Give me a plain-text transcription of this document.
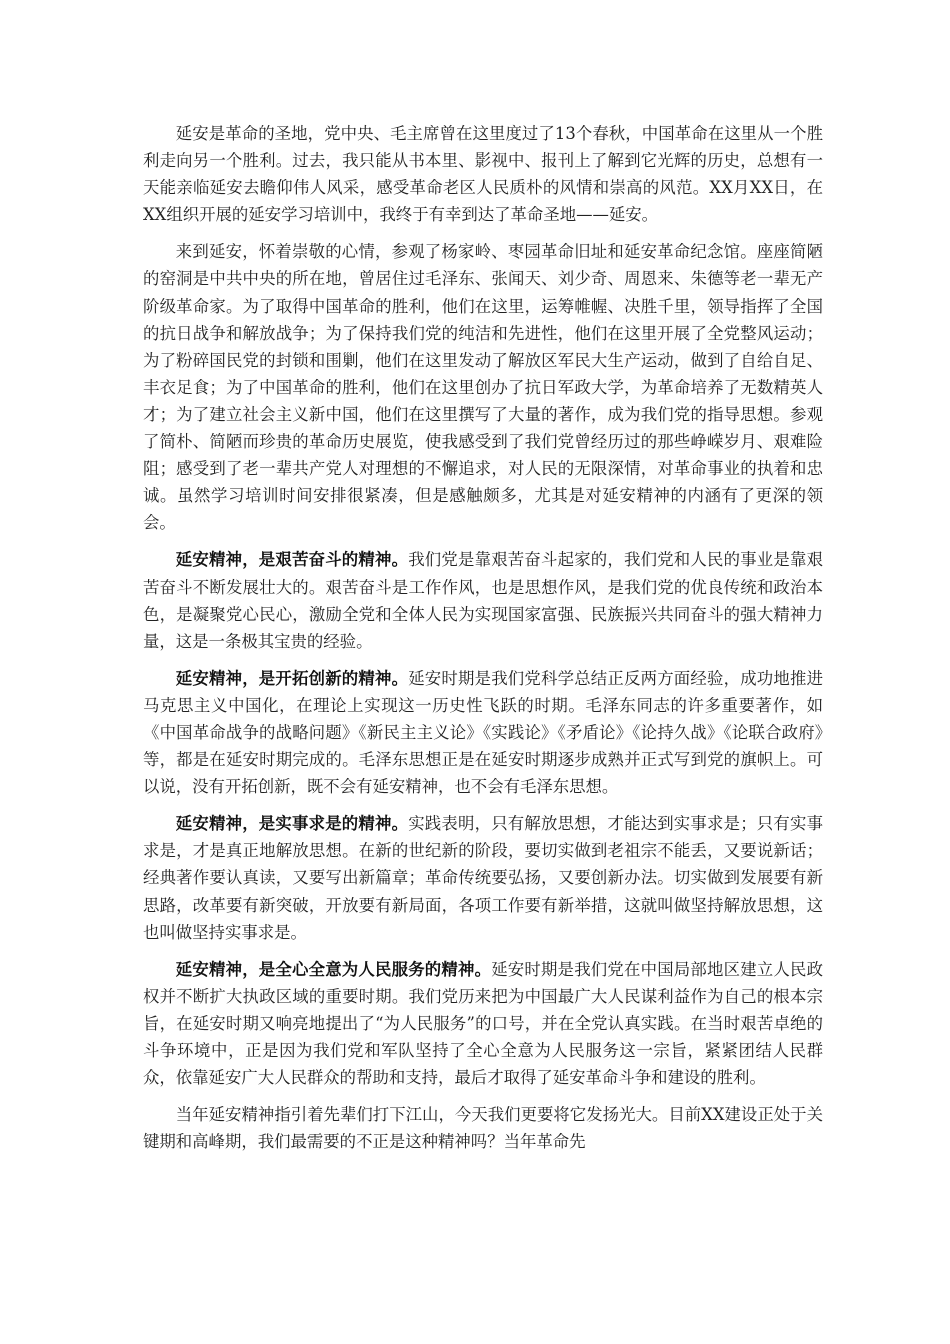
延安是革命的圣地，党中央、毛主席曾在这里度过了13个春秋，中国革命在这里从一个胜利走向另一个胜利。过去，我只能从书本里、影视中、报刊上了解到它光辉的历史，总想有一天能亲临延安去瞻仰伟人风采，感受革命老区人民质朴的风情和崇高的风范。XX月XX日，在XX组织开展的延安学习培训中，我终于有幸到达了革命圣地——延安。

来到延安，怀着崇敬的心情，参观了杨家岭、枣园革命旧址和延安革命纪念馆。座座简陋的窑洞是中共中央的所在地，曾居住过毛泽东、张闻天、刘少奇、周恩来、朱德等老一辈无产阶级革命家。为了取得中国革命的胜利，他们在这里，运筹帷幄、决胜千里，领导指挥了全国的抗日战争和解放战争；为了保持我们党的纯洁和先进性，他们在这里开展了全党整风运动；为了粉碎国民党的封锁和围剿，他们在这里发动了解放区军民大生产运动，做到了自给自足、丰衣足食；为了中国革命的胜利，他们在这里创办了抗日军政大学，为革命培养了无数精英人才；为了建立社会主义新中国，他们在这里撰写了大量的著作，成为我们党的指导思想。参观了简朴、简陋而珍贵的革命历史展览，使我感受到了我们党曾经历过的那些峥嵘岁月、艰难险阻；感受到了老一辈共产党人对理想的不懈追求，对人民的无限深情，对革命事业的执着和忠诚。虽然学习培训时间安排很紧凑，但是感触颇多，尤其是对延安精神的内涵有了更深的领会。

延安精神，是艰苦奋斗的精神。我们党是靠艰苦奋斗起家的，我们党和人民的事业是靠艰苦奋斗不断发展壮大的。艰苦奋斗是工作作风，也是思想作风，是我们党的优良传统和政治本色，是凝聚党心民心，激励全党和全体人民为实现国家富强、民族振兴共同奋斗的强大精神力量，这是一条极其宝贵的经验。

延安精神，是开拓创新的精神。延安时期是我们党科学总结正反两方面经验，成功地推进马克思主义中国化，在理论上实现这一历史性飞跃的时期。毛泽东同志的许多重要著作，如《中国革命战争的战略问题》《新民主主义论》《实践论》《矛盾论》《论持久战》《论联合政府》等，都是在延安时期完成的。毛泽东思想正是在延安时期逐步成熟并正式写到党的旗帜上。可以说，没有开拓创新，既不会有延安精神，也不会有毛泽东思想。

延安精神，是实事求是的精神。实践表明，只有解放思想，才能达到实事求是；只有实事求是，才是真正地解放思想。在新的世纪新的阶段，要切实做到老祖宗不能丢，又要说新话；经典著作要认真读，又要写出新篇章；革命传统要弘扬，又要创新办法。切实做到发展要有新思路，改革要有新突破，开放要有新局面，各项工作要有新举措，这就叫做坚持解放思想，这也叫做坚持实事求是。

延安精神，是全心全意为人民服务的精神。延安时期是我们党在中国局部地区建立人民政权并不断扩大执政区域的重要时期。我们党历来把为中国最广大人民谋利益作为自己的根本宗旨，在延安时期又响亮地提出了“为人民服务”的口号，并在全党认真实践。在当时艰苦卓绝的斗争环境中，正是因为我们党和军队坚持了全心全意为人民服务这一宗旨，紧紧团结人民群众，依靠延安广大人民群众的帮助和支持，最后才取得了延安革命斗争和建设的胜利。

当年延安精神指引着先辈们打下江山，今天我们更要将它发扬光大。目前XX建设正处于关键期和高峰期，我们最需要的不正是这种精神吗？当年革命先
